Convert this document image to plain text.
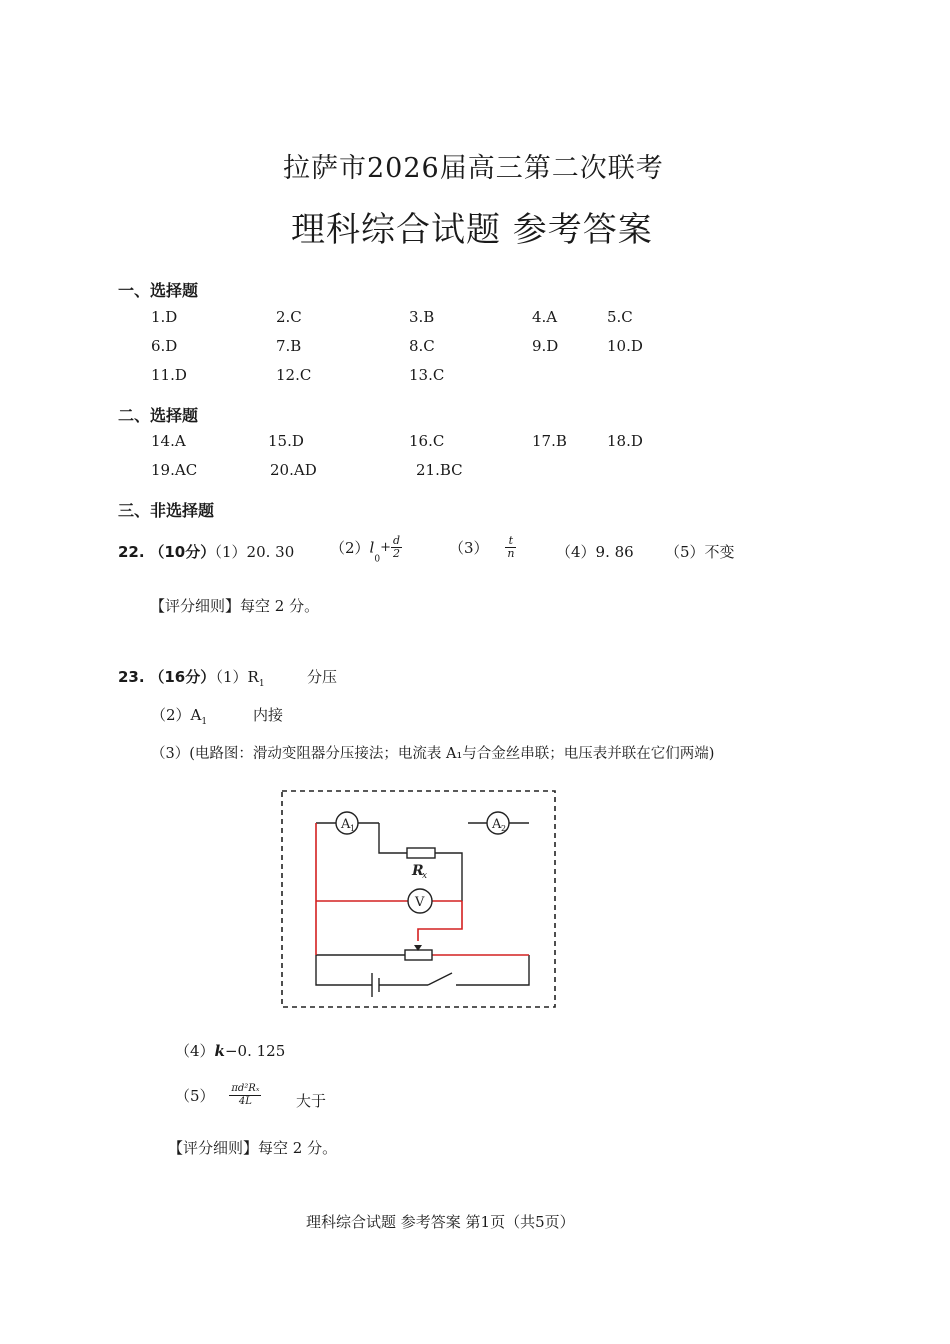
拉萨市2026届高三第二次联考
理科综合试题 参考答案
一、选择题
1.D	2.C	3.B	4.A	5.C
6.D	7.B	8.C	9.D	10.D
11.D	12.C	13.C
二、选择题
14.A	15.D	16.C	17.B	18.D
19.AC	20.AD	21.BC
三、非选择题
22. （10分）
（1）20. 30 $(2)l_0+ \frac{d}{2}$	$(3) \frac{t}{n}$	（4）9. 86 （5）不变
【评分细则】每空 2 分。
23. （16分）
$(1)R_1$	分压
$(2)A_1$	内接
（3）(电路图：滑动变阻器分压接法；电流表 A₁与合金丝串联；电压表并联在它们两端)
A 1	A 2
V
R
x
（4）k−0. 125
$(5) \frac{\text{πd²Rₓ}}{4L}$ 大于
【评分细则】每空 2 分。
理科综合试题 参考答案 第1页（共5页）
